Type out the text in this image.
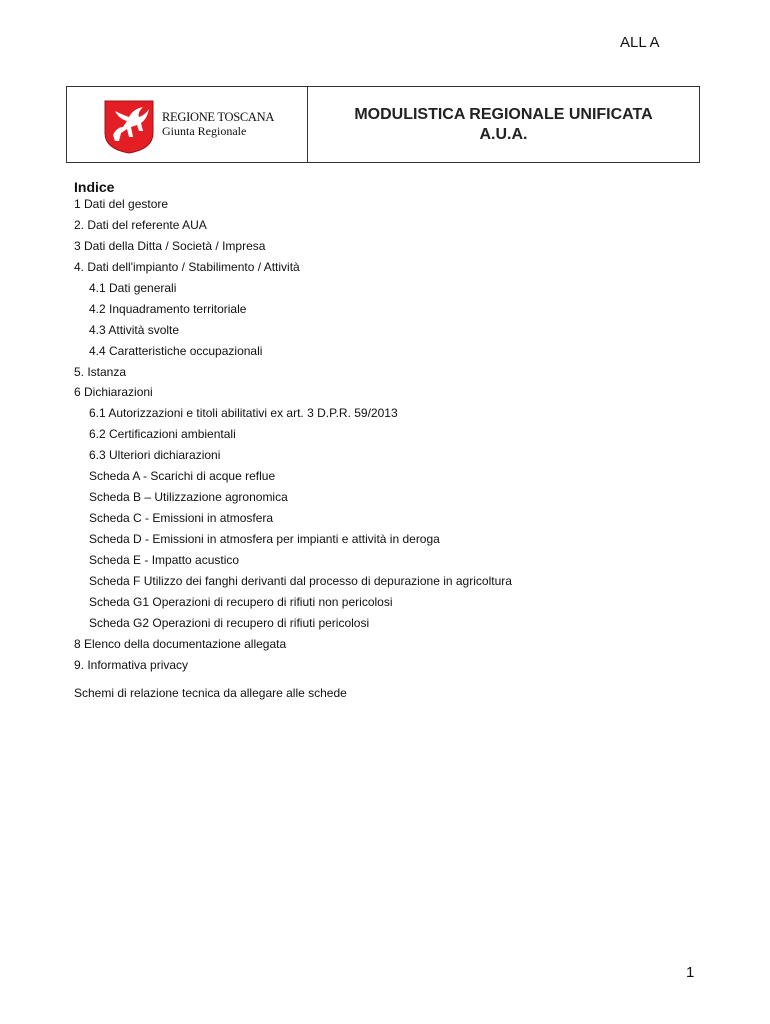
ALL A
REGIONE TOSCANA
Giunta Regionale
MODULISTICA REGIONALE UNIFICATA
A.U.A.
Indice
1 Dati del gestore
2. Dati del referente AUA
3 Dati della Ditta / Società / Impresa
4. Dati dell'impianto / Stabilimento / Attività
4.1 Dati generali
4.2 Inquadramento territoriale
4.3 Attività svolte
4.4 Caratteristiche occupazionali
5. Istanza
6 Dichiarazioni
6.1 Autorizzazioni e titoli abilitativi ex art. 3 D.P.R. 59/2013
6.2 Certificazioni ambientali
6.3 Ulteriori dichiarazioni
Scheda A - Scarichi di acque reflue
Scheda B – Utilizzazione agronomica
Scheda C - Emissioni in atmosfera
Scheda D - Emissioni in atmosfera per impianti e attività in deroga
Scheda E - Impatto acustico
Scheda F Utilizzo dei fanghi derivanti dal processo di depurazione in agricoltura
Scheda G1 Operazioni di recupero di rifiuti non pericolosi
Scheda G2 Operazioni di recupero di rifiuti pericolosi
8 Elenco della documentazione allegata
9. Informativa privacy
Schemi di relazione tecnica da allegare alle schede
1
